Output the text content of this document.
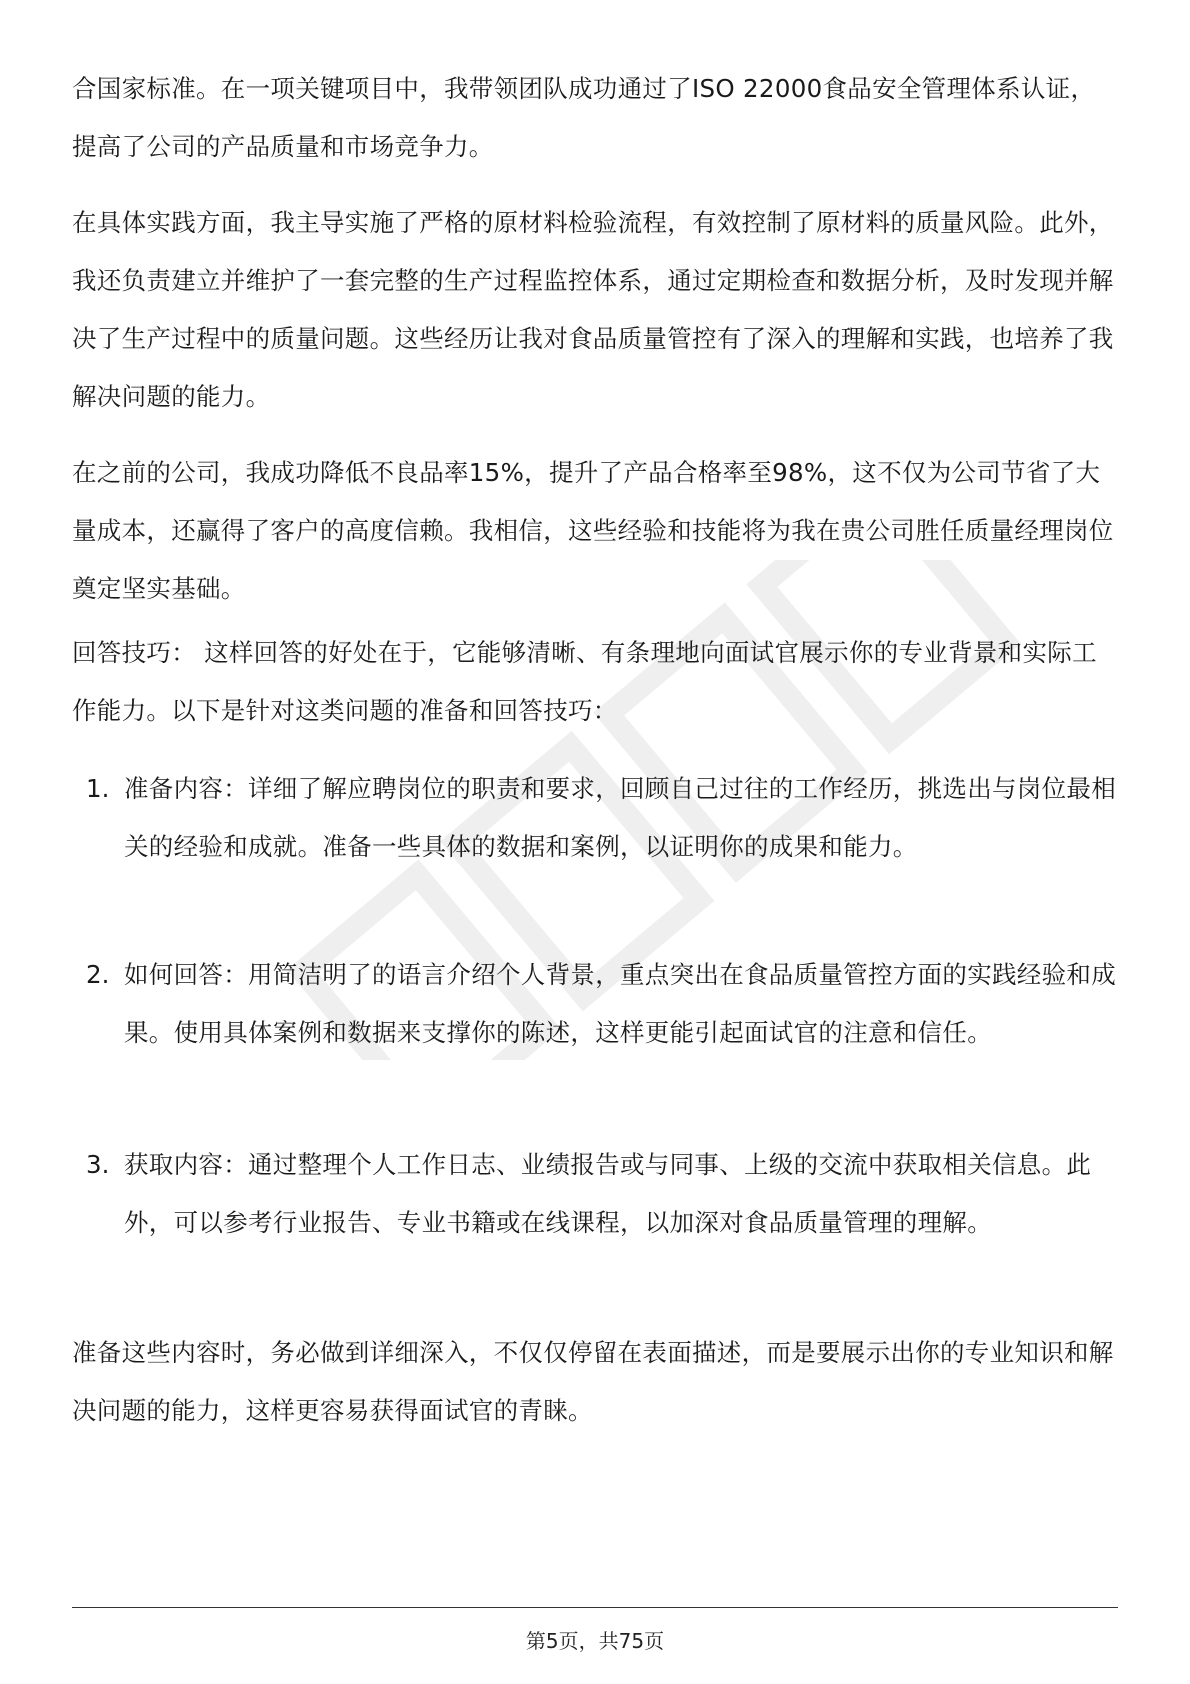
合国家标准。在一项关键项目中，我带领团队成功通过了ISO 22000食品安全管理体系认证，提高了公司的产品质量和市场竞争力。

在具体实践方面，我主导实施了严格的原材料检验流程，有效控制了原材料的质量风险。此外，我还负责建立并维护了一套完整的生产过程监控体系，通过定期检查和数据分析，及时发现并解决了生产过程中的质量问题。这些经历让我对食品质量管控有了深入的理解和实践，也培养了我解决问题的能力。

在之前的公司，我成功降低不良品率15%，提升了产品合格率至98%，这不仅为公司节省了大量成本，还赢得了客户的高度信赖。我相信，这些经验和技能将为我在贵公司胜任质量经理岗位奠定坚实基础。

回答技巧： 这样回答的好处在于，它能够清晰、有条理地向面试官展示你的专业背景和实际工作能力。以下是针对这类问题的准备和回答技巧：

1. 准备内容：详细了解应聘岗位的职责和要求，回顾自己过往的工作经历，挑选出与岗位最相关的经验和成就。准备一些具体的数据和案例，以证明你的成果和能力。

2. 如何回答：用简洁明了的语言介绍个人背景，重点突出在食品质量管控方面的实践经验和成果。使用具体案例和数据来支撑你的陈述，这样更能引起面试官的注意和信任。

3. 获取内容：通过整理个人工作日志、业绩报告或与同事、上级的交流中获取相关信息。此外，可以参考行业报告、专业书籍或在线课程，以加深对食品质量管理的理解。

准备这些内容时，务必做到详细深入，不仅仅停留在表面描述，而是要展示出你的专业知识和解决问题的能力，这样更容易获得面试官的青睐。

第5页，共75页
